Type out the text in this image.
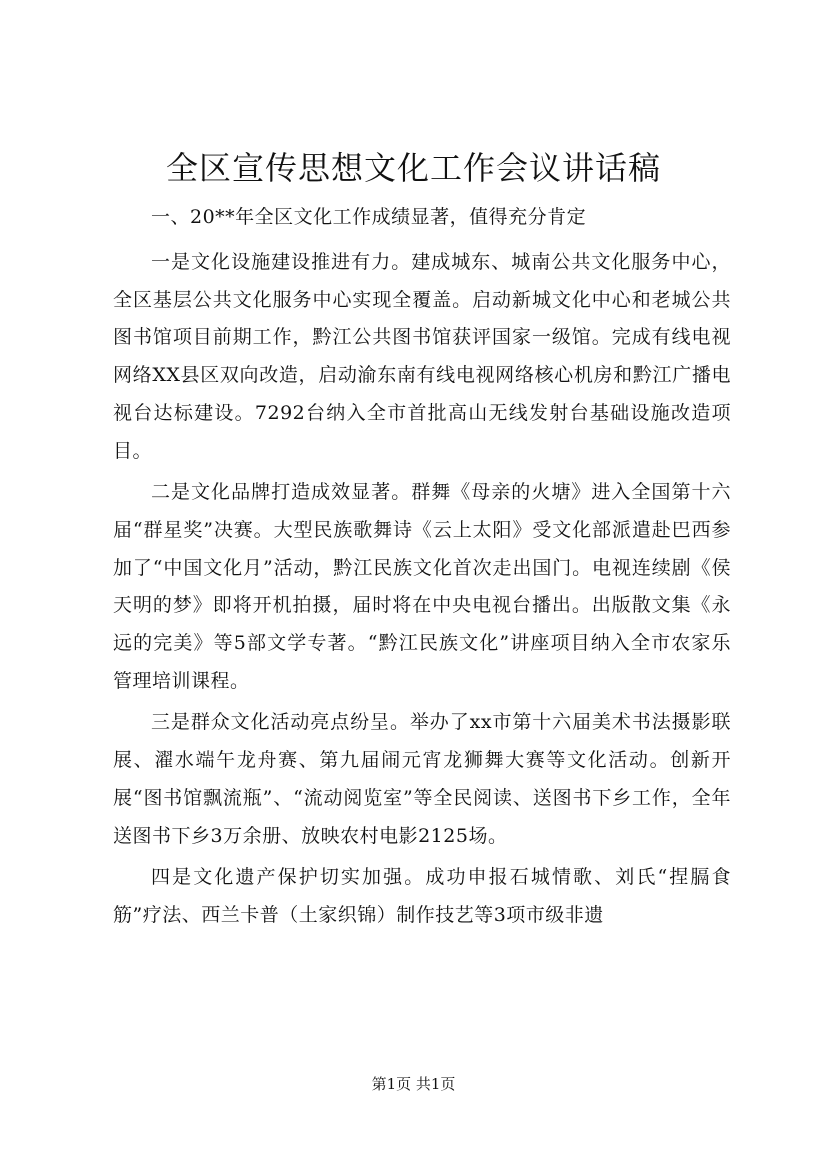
全区宣传思想文化工作会议讲话稿

一、20**年全区文化工作成绩显著，值得充分肯定

一是文化设施建设推进有力。建成城东、城南公共文化服务中心，全区基层公共文化服务中心实现全覆盖。启动新城文化中心和老城公共图书馆项目前期工作，黔江公共图书馆获评国家一级馆。完成有线电视网络XX县区双向改造，启动渝东南有线电视网络核心机房和黔江广播电视台达标建设。7292台纳入全市首批高山无线发射台基础设施改造项目。

二是文化品牌打造成效显著。群舞《母亲的火塘》进入全国第十六届“群星奖”决赛。大型民族歌舞诗《云上太阳》受文化部派遣赴巴西参加了“中国文化月”活动，黔江民族文化首次走出国门。电视连续剧《侯天明的梦》即将开机拍摄，届时将在中央电视台播出。出版散文集《永远的完美》等5部文学专著。“黔江民族文化”讲座项目纳入全市农家乐管理培训课程。

三是群众文化活动亮点纷呈。举办了xx市第十六届美术书法摄影联展、濯水端午龙舟赛、第九届闹元宵龙狮舞大赛等文化活动。创新开展“图书馆飘流瓶”、“流动阅览室”等全民阅读、送图书下乡工作，全年送图书下乡3万余册、放映农村电影2125场。

四是文化遗产保护切实加强。成功申报石城情歌、刘氏“捏膈食筋”疗法、西兰卡普（土家织锦）制作技艺等3项市级非遗

第1页 共1页
